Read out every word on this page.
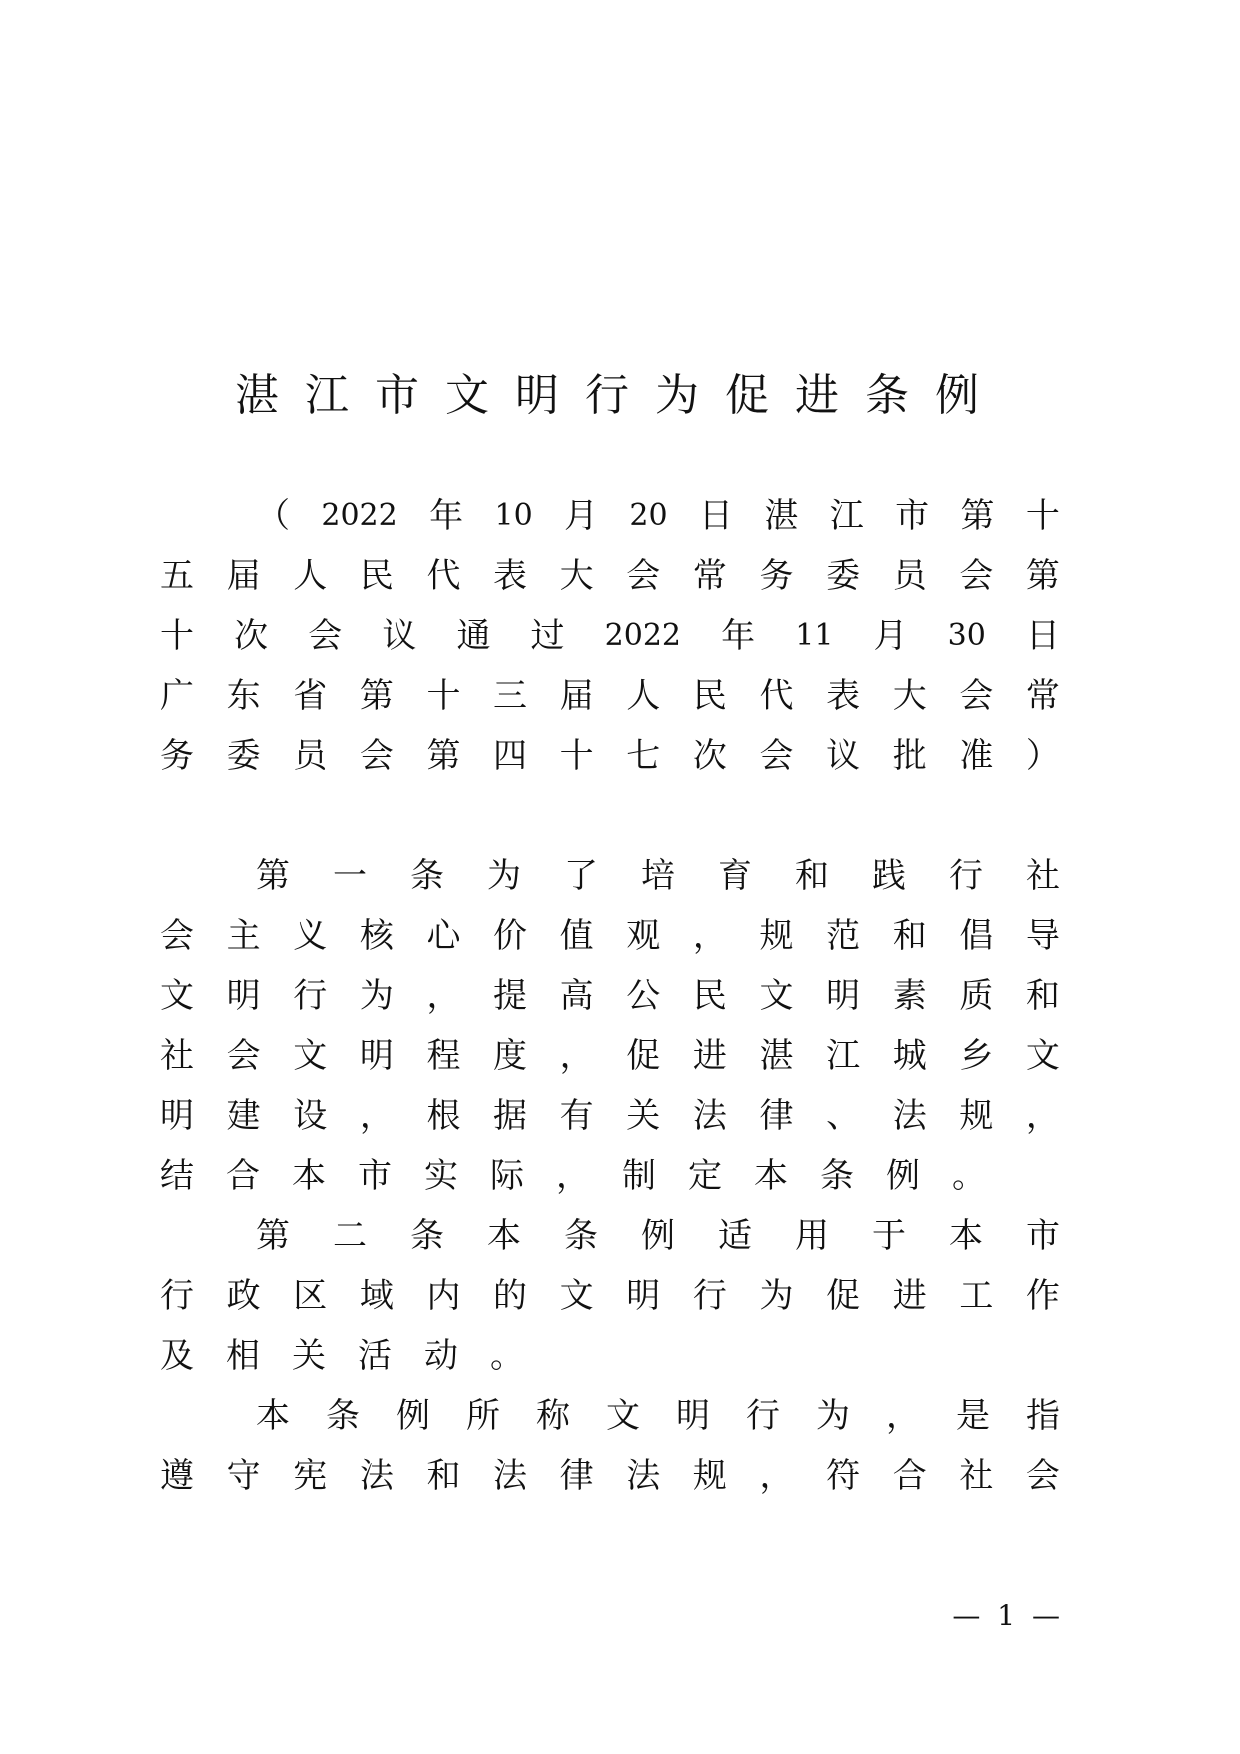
湛江市文明行为促进条例
（ 2022 年 10 月 20 日 湛 江 市 第 十
五 届 人 民 代 表 大 会 常 务 委 员 会 第
十 次 会 议 通 过 2022 年 11 月 30 日
广 东 省 第 十 三 届 人 民 代 表 大 会 常
务 委 员 会 第 四 十 七 次 会 议 批 准 ）
第 一 条 为 了 培 育 和 践 行 社
会 主 义 核 心 价 值 观 ， 规 范 和 倡 导
文 明 行 为 ， 提 高 公 民 文 明 素 质 和
社 会 文 明 程 度 ， 促 进 湛 江 城 乡 文
明 建 设 ， 根 据 有 关 法 律 、 法 规 ，
结 合 本 市 实 际 ， 制 定 本 条 例 。
第 二 条 本 条 例 适 用 于 本 市
行 政 区 域 内 的 文 明 行 为 促 进 工 作
及 相 关 活 动 。
本 条 例 所 称 文 明 行 为 ， 是 指
遵 守 宪 法 和 法 律 法 规 ， 符 合 社 会
— 1 —
